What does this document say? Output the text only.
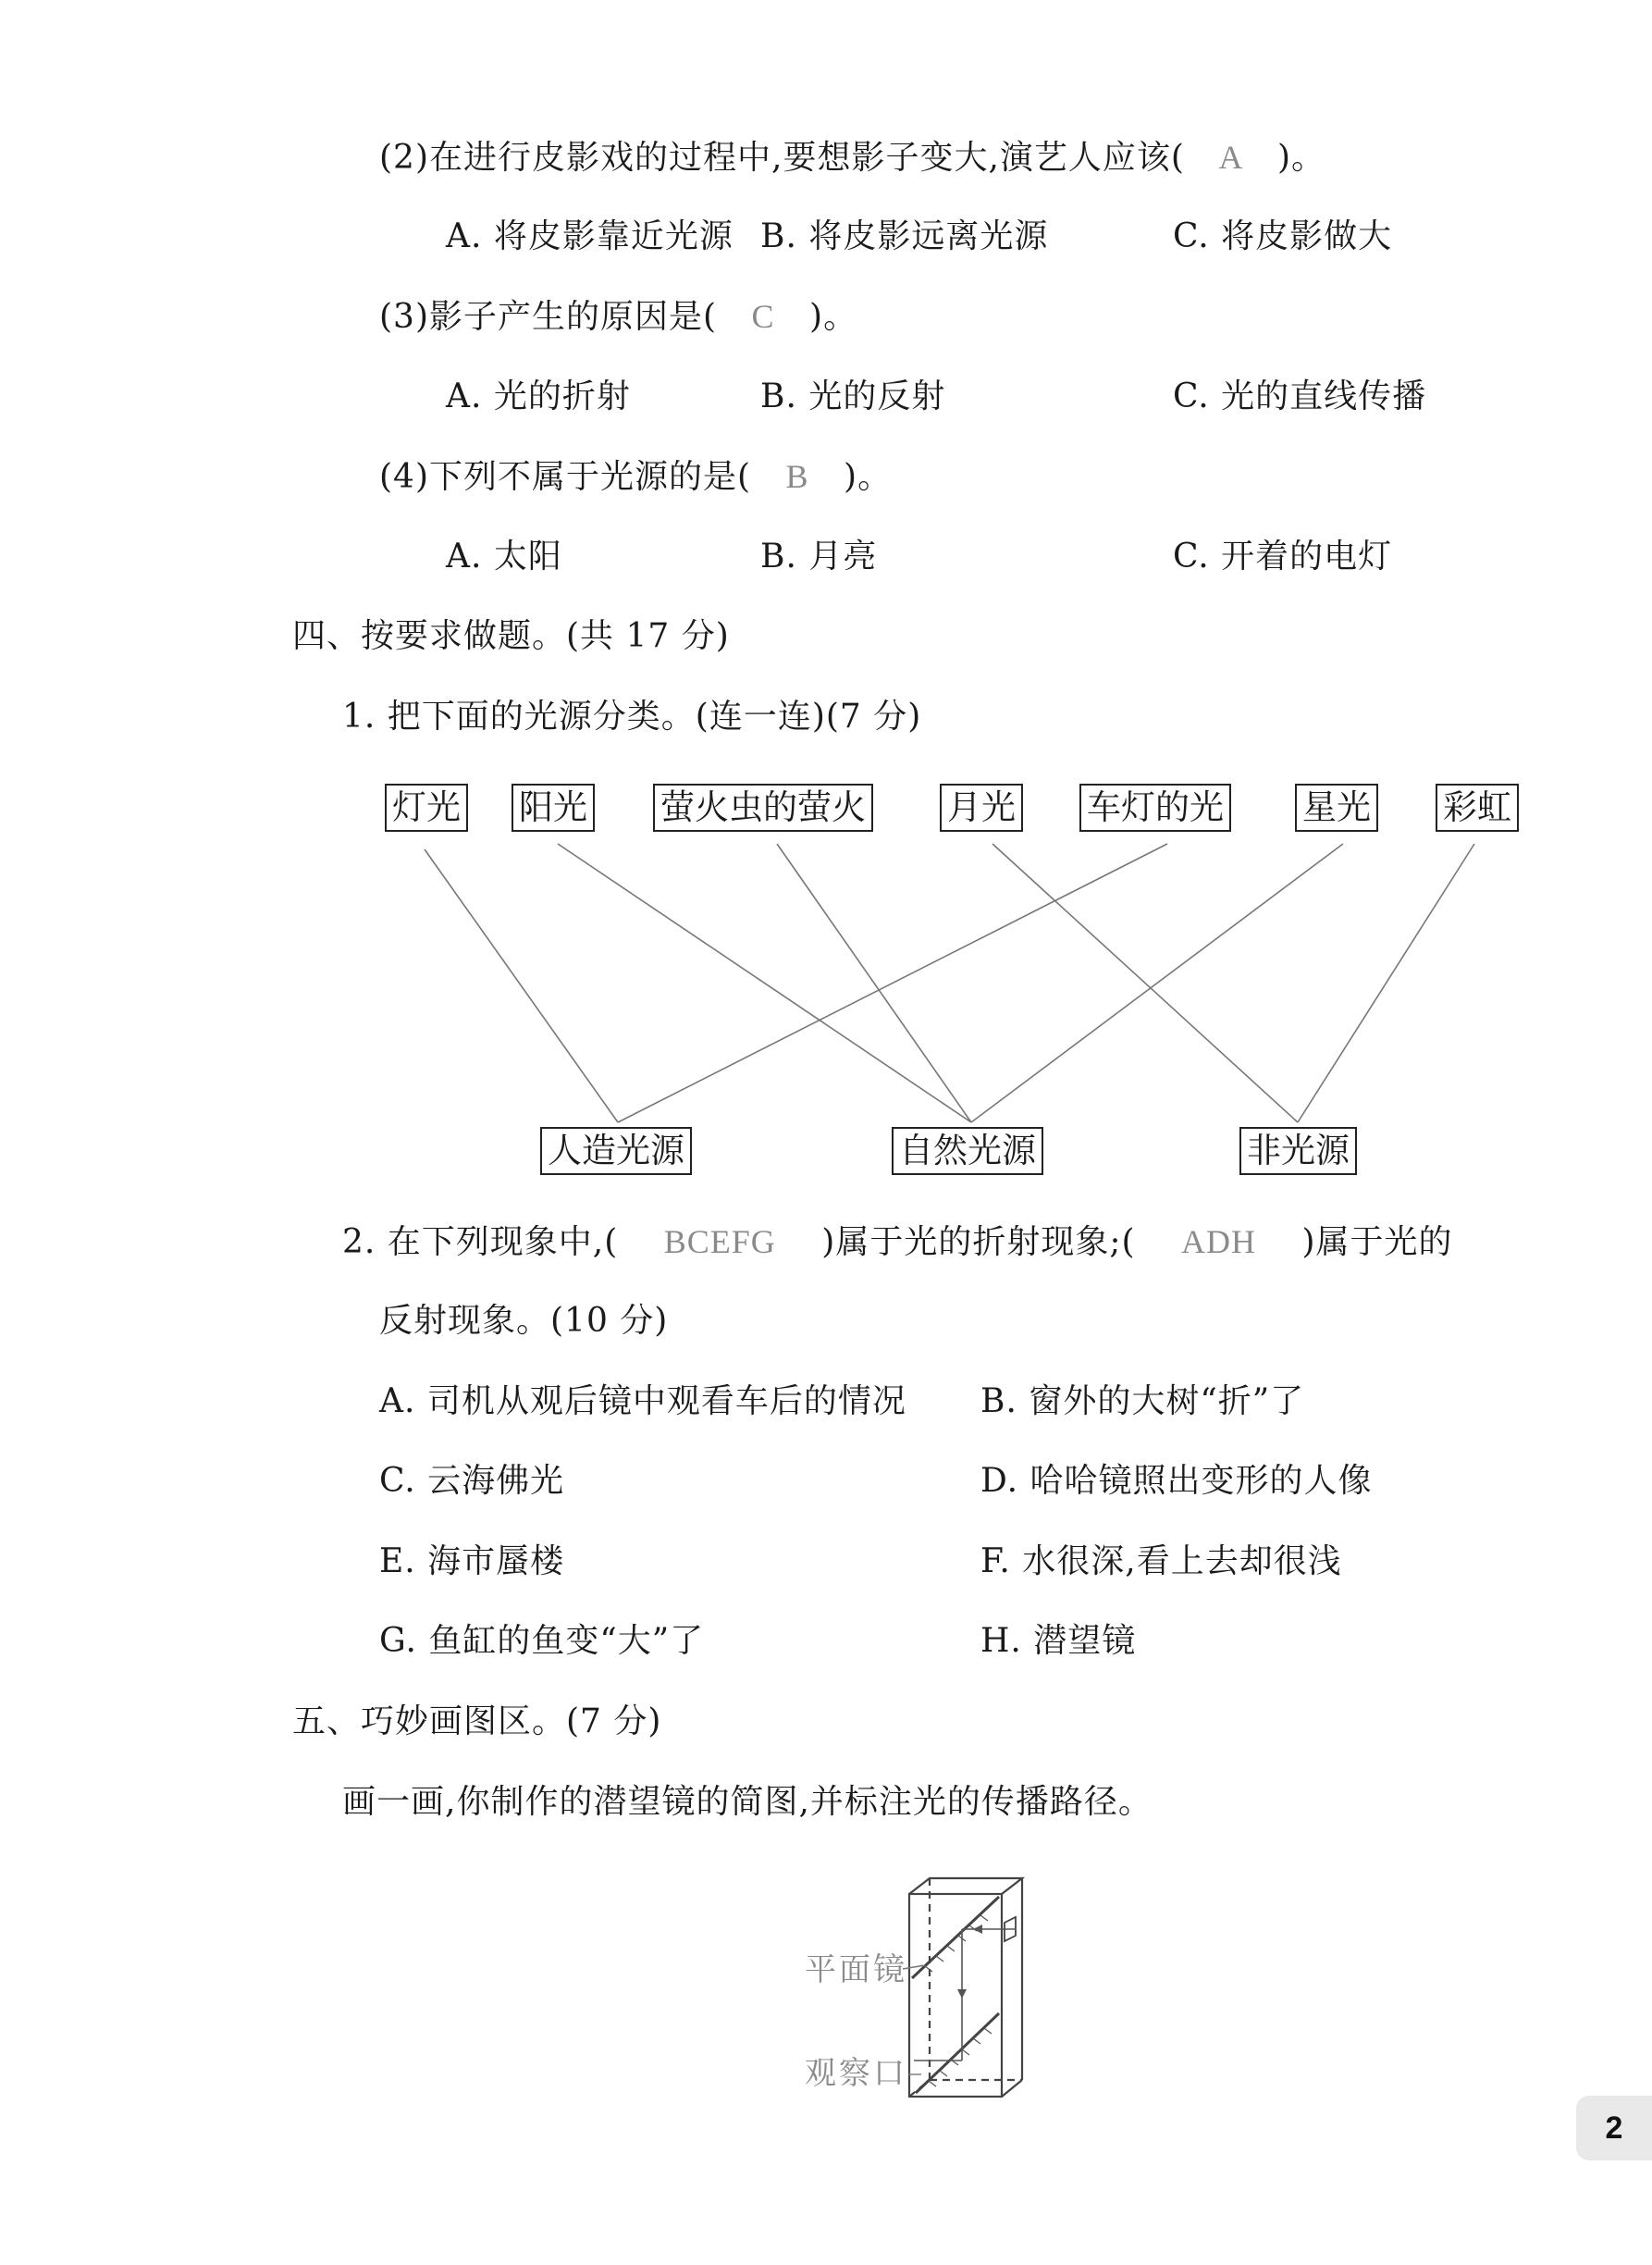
(2)在进行皮影戏的过程中,要想影子变大,演艺人应该( A )。
A. 将皮影靠近光源 B. 将皮影远离光源	C. 将皮影做大
(3)影子产生的原因是( C )。
A. 光的折射	B. 光的反射	C. 光的直线传播
(4)下列不属于光源的是( B )。
A. 太阳	B. 月亮	C. 开着的电灯
四、按要求做题。(共 17 分)
1. 把下面的光源分类。(连一连)(7 分)
灯光 阳光 萤火虫的萤火 月光 车灯的光 星光 彩虹
人造光源	自然光源	非光源
2. 在下列现象中,( BCEFG )属于光的折射现象;( ADH )属于光的
反射现象。(10 分)
A. 司机从观后镜中观看车后的情况 B. 窗外的大树“折”了
C. 云海佛光	D. 哈哈镜照出变形的人像
E. 海市蜃楼	F. 水很深,看上去却很浅
G. 鱼缸的鱼变“大”了	H. 潜望镜
五、巧妙画图区。(7 分)
画一画,你制作的潜望镜的简图,并标注光的传播路径。
平面镜
观察口
2
